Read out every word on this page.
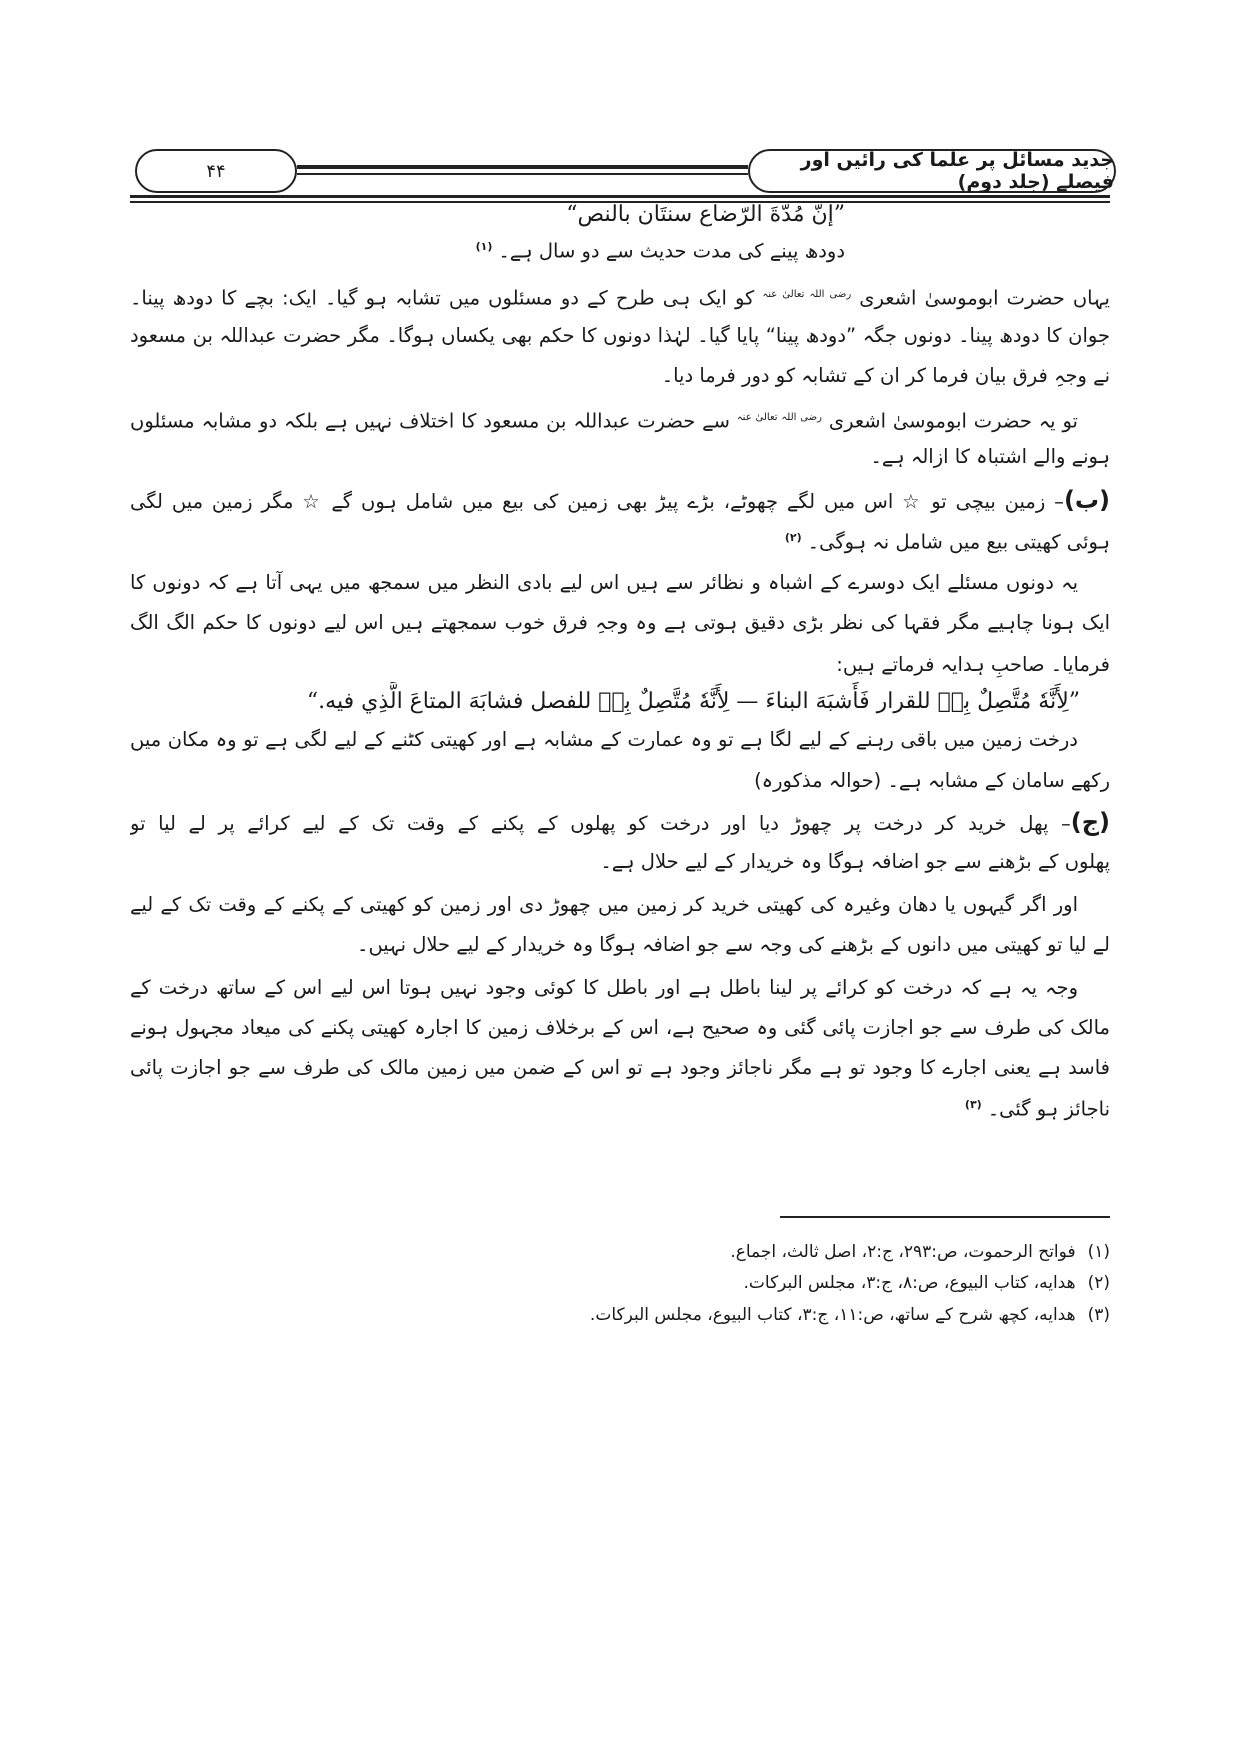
جدید مسائل پر علما کی رائیں اور فیصلے (جلد دوم)
۴۴
”إنّ مُدّةَ الرّضاع سنتَان بالنص“
دودھ پینے کی مدت حدیث سے دو سال ہے۔$^{(۱)}$
یہاں حضرت ابوموسیٰ اشعری $^{رضی اللہ تعالیٰ عنہ}$ کو ایک ہی طرح کے دو مسئلوں میں تشابہ ہو گیا۔ ایک: بچے کا دودھ پینا۔
جوان کا دودھ پینا۔ دونوں جگہ ”دودھ پینا“ پایا گیا۔ لہٰذا دونوں کا حکم بھی یکساں ہوگا۔ مگر حضرت عبداللہ بن مسعود
نے وجہِ فرق بیان فرما کر ان کے تشابہ کو دور فرما دیا۔
تو یہ حضرت ابوموسیٰ اشعری $^{رضی اللہ تعالیٰ عنہ}$ سے حضرت عبداللہ بن مسعود کا اختلاف نہیں ہے بلکہ دو مشابہ مسئلوں
ہونے والے اشتباہ کا ازالہ ہے۔
(ب)– زمین بیچی تو ☆ اس میں لگے چھوٹے، بڑے پیڑ بھی زمین کی بیع میں شامل ہوں گے ☆ مگر زمین میں لگی
ہوئی کھیتی بیع میں شامل نہ ہوگی۔$^{(۲)}$
یہ دونوں مسئلے ایک دوسرے کے اشباہ و نظائر سے ہیں اس لیے بادی النظر میں سمجھ میں یہی آتا ہے کہ دونوں کا
ایک ہونا چاہیے مگر فقہا کی نظر بڑی دقیق ہوتی ہے وہ وجہِ فرق خوب سمجھتے ہیں اس لیے دونوں کا حکم الگ الگ
فرمایا۔ صاحبِ ہدایہ فرماتے ہیں:
”لِأَنَّهٗ مُتَّصِلٌ بِهٖ للقرار فَأَشبَهَ البناءَ — لِأَنَّهٗ مُتَّصِلٌ بِهٖ للفصل فشابَهَ المتاعَ الَّذِي فيه.“
درخت زمین میں باقی رہنے کے لیے لگا ہے تو وہ عمارت کے مشابہ ہے اور کھیتی کٹنے کے لیے لگی ہے تو وہ مکان میں
رکھے سامان کے مشابہ ہے۔ (حوالہ مذکورہ)
(ج)– پھل خرید کر درخت پر چھوڑ دیا اور درخت کو پھلوں کے پکنے کے وقت تک کے لیے کرائے پر لے لیا تو
پھلوں کے بڑھنے سے جو اضافہ ہوگا وہ خریدار کے لیے حلال ہے۔
اور اگر گیہوں یا دھان وغیرہ کی کھیتی خرید کر زمین میں چھوڑ دی اور زمین کو کھیتی کے پکنے کے وقت تک کے لیے
لے لیا تو کھیتی میں دانوں کے بڑھنے کی وجہ سے جو اضافہ ہوگا وہ خریدار کے لیے حلال نہیں۔
وجہ یہ ہے کہ درخت کو کرائے پر لینا باطل ہے اور باطل کا کوئی وجود نہیں ہوتا اس لیے اس کے ساتھ درخت کے
مالک کی طرف سے جو اجازت پائی گئی وہ صحیح ہے، اس کے برخلاف زمین کا اجارہ کھیتی پکنے کی میعاد مجہول ہونے
فاسد ہے یعنی اجارے کا وجود تو ہے مگر ناجائز وجود ہے تو اس کے ضمن میں زمین مالک کی طرف سے جو اجازت پائی
ناجائز ہو گئی۔$^{(۳)}$
(۱)فواتح الرحموت، ص:۲۹۳، ج:۲، اصل ثالث، اجماع.
(۲)هدایه، کتاب البیوع، ص:۸، ج:۳، مجلس البرکات.
(۳)هدایه، کچھ شرح کے ساتھ، ص:۱۱، ج:۳، کتاب البیوع، مجلس البرکات.
